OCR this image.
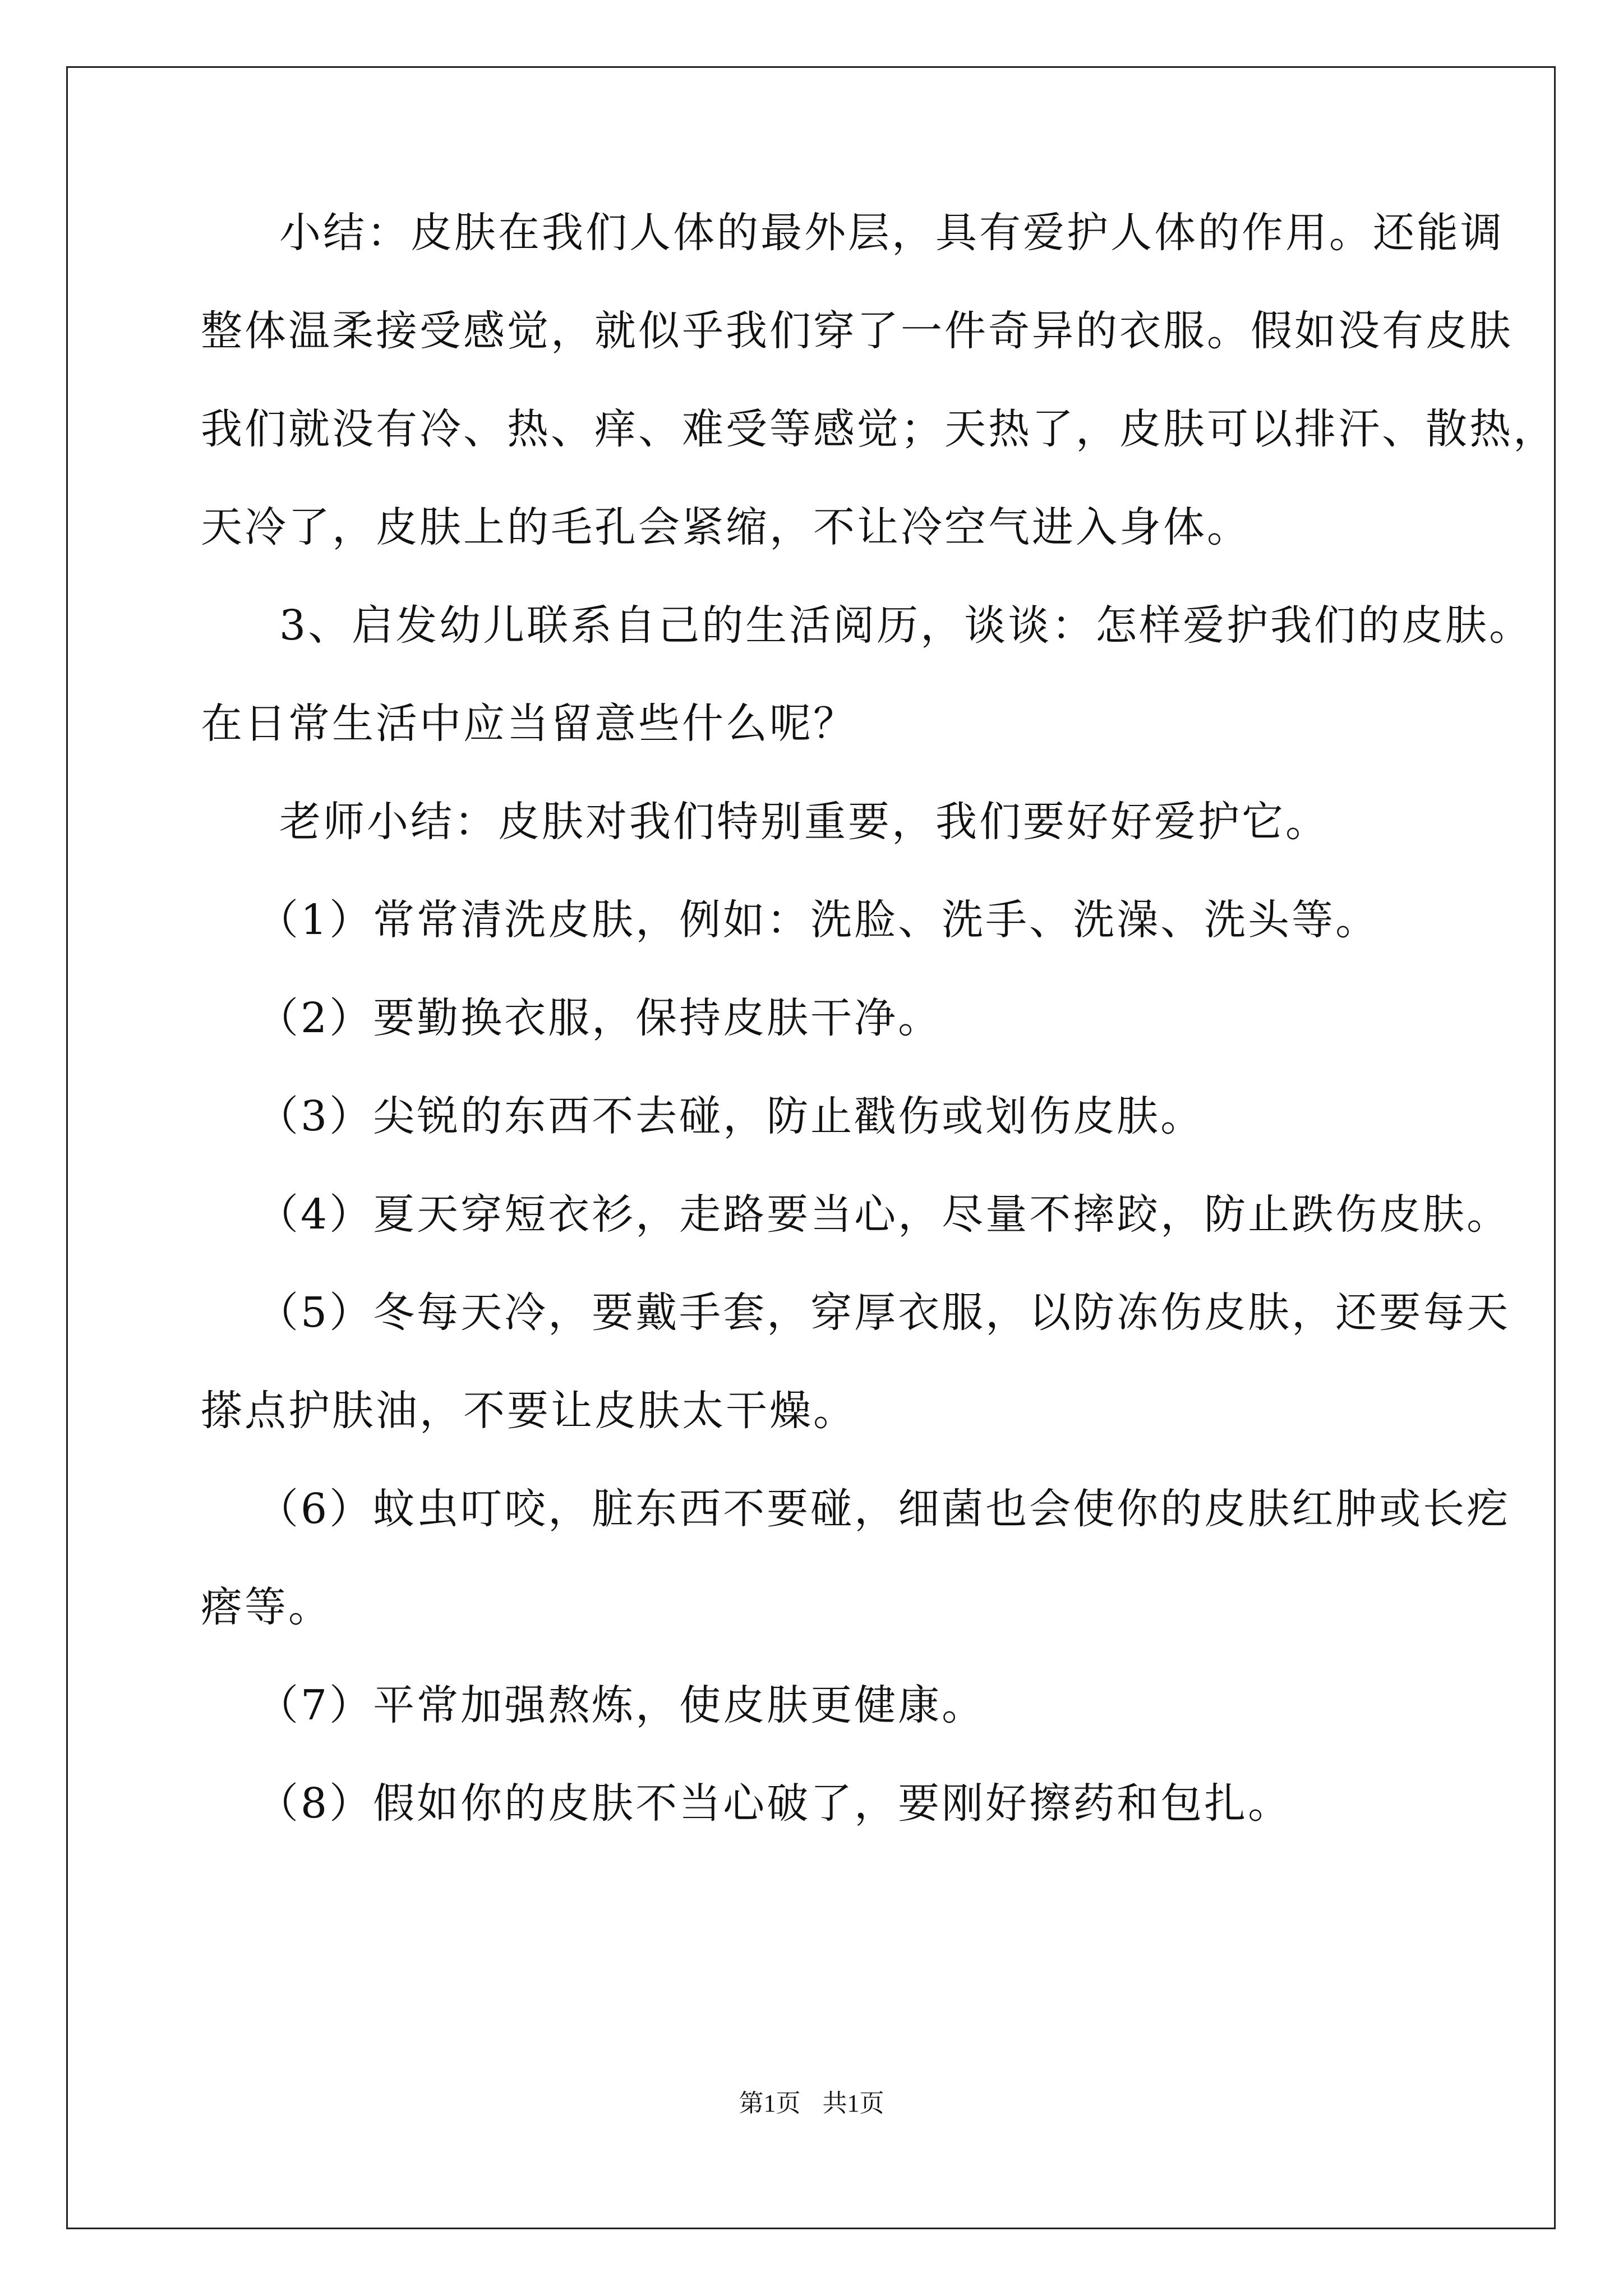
小结：皮肤在我们人体的最外层，具有爱护人体的作用。还能调
整体温柔接受感觉，就似乎我们穿了一件奇异的衣服。假如没有皮肤
我们就没有冷、热、痒、难受等感觉；天热了，皮肤可以排汗、散热，
天冷了，皮肤上的毛孔会紧缩，不让冷空气进入身体。
3、启发幼儿联系自己的生活阅历，谈谈：怎样爱护我们的皮肤。
在日常生活中应当留意些什么呢？
老师小结：皮肤对我们特别重要，我们要好好爱护它。
（1）常常清洗皮肤，例如：洗脸、洗手、洗澡、洗头等。
（2）要勤换衣服，保持皮肤干净。
（3）尖锐的东西不去碰，防止戳伤或划伤皮肤。
（4）夏天穿短衣衫，走路要当心，尽量不摔跤，防止跌伤皮肤。
（5）冬每天冷，要戴手套，穿厚衣服，以防冻伤皮肤，还要每天
搽点护肤油，不要让皮肤太干燥。
（6）蚊虫叮咬，脏东西不要碰，细菌也会使你的皮肤红肿或长疙
瘩等。
（7）平常加强熬炼，使皮肤更健康。
（8）假如你的皮肤不当心破了，要刚好擦药和包扎。
第1页 共1页
